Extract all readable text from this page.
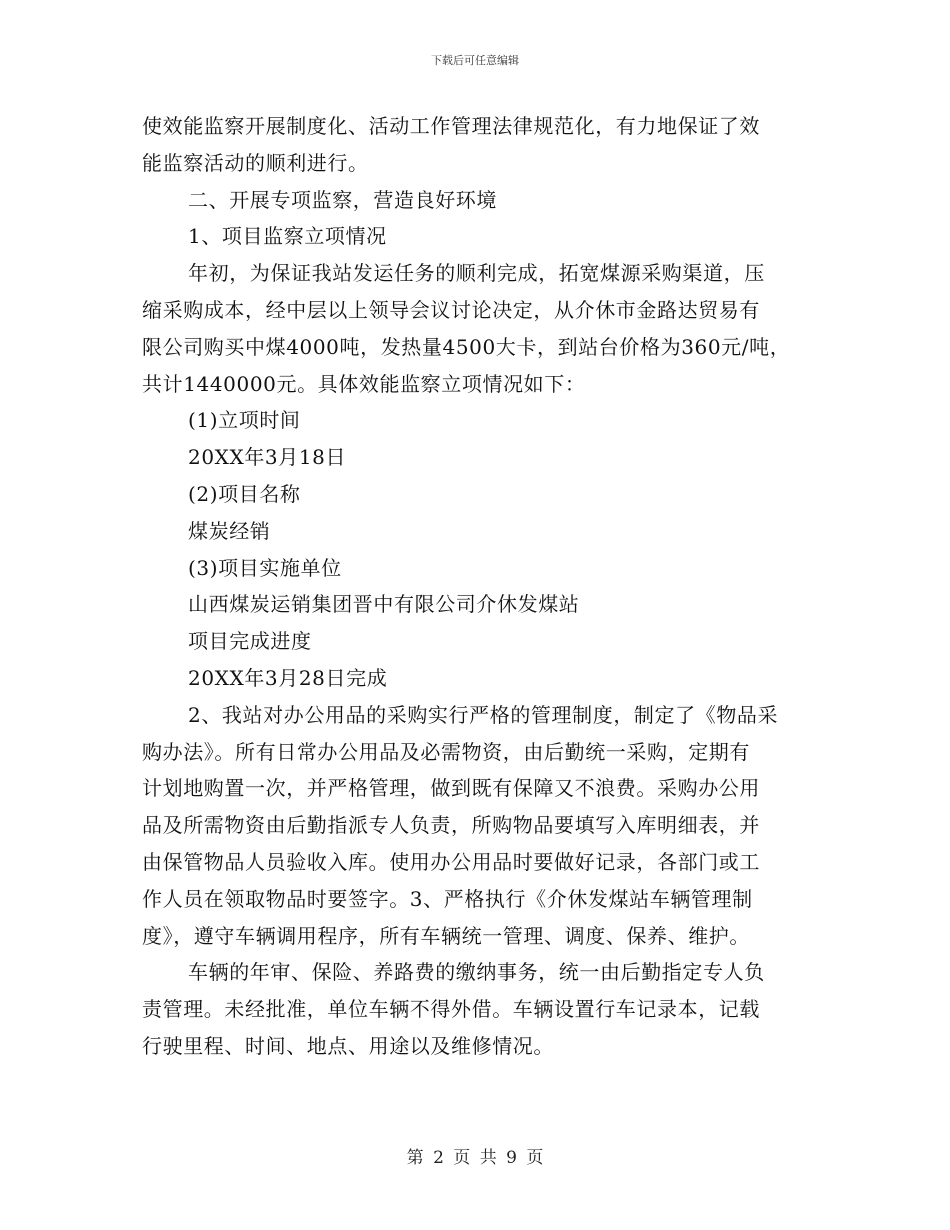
下载后可任意编辑
使效能监察开展制度化、活动工作管理法律规范化，有力地保证了效
能监察活动的顺利进行。
二、开展专项监察，营造良好环境
1、项目监察立项情况
年初，为保证我站发运任务的顺利完成，拓宽煤源采购渠道，压
缩采购成本，经中层以上领导会议讨论决定，从介休市金路达贸易有
限公司购买中煤4000吨，发热量4500大卡，到站台价格为360元/吨，
共计1440000元。具体效能监察立项情况如下：
(1)立项时间
20XX年3月18日
(2)项目名称
煤炭经销
(3)项目实施单位
山西煤炭运销集团晋中有限公司介休发煤站
项目完成进度
20XX年3月28日完成
2、我站对办公用品的采购实行严格的管理制度，制定了《物品采
购办法》。所有日常办公用品及必需物资，由后勤统一采购，定期有
计划地购置一次，并严格管理，做到既有保障又不浪费。采购办公用
品及所需物资由后勤指派专人负责，所购物品要填写入库明细表，并
由保管物品人员验收入库。使用办公用品时要做好记录，各部门或工
作人员在领取物品时要签字。3、严格执行《介休发煤站车辆管理制
度》，遵守车辆调用程序，所有车辆统一管理、调度、保养、维护。
车辆的年审、保险、养路费的缴纳事务，统一由后勤指定专人负
责管理。未经批准，单位车辆不得外借。车辆设置行车记录本，记载
行驶里程、时间、地点、用途以及维修情况。
第 2 页 共 9 页
